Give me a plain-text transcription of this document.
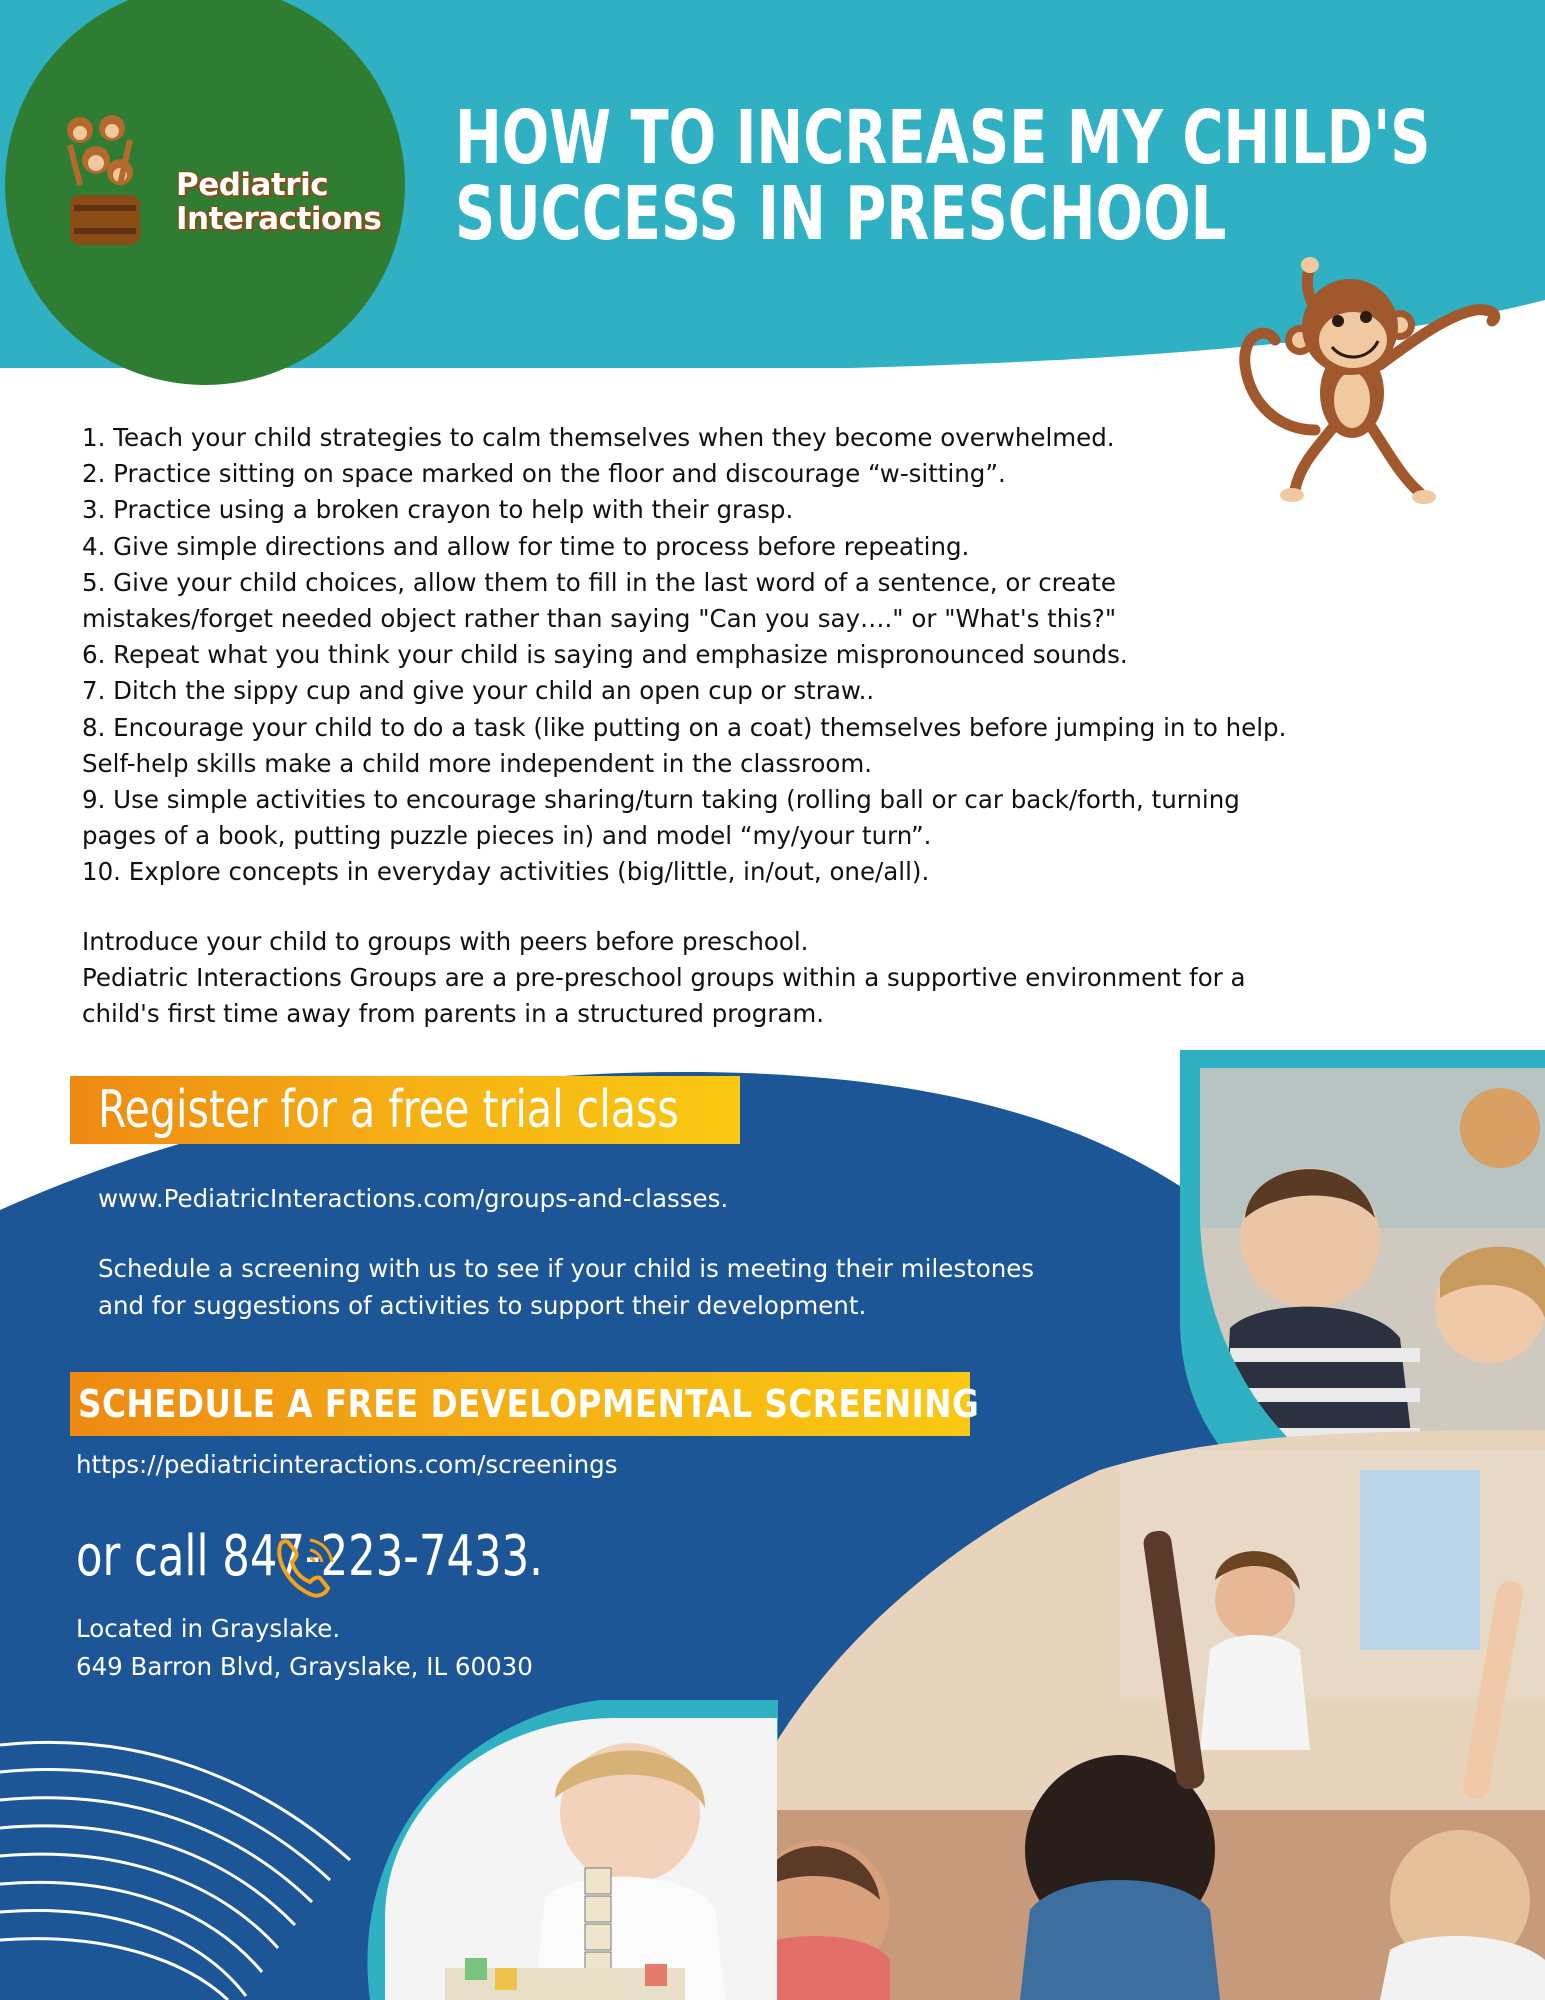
Pediatric
Interactions
HOW TO INCREASE MY CHILD'S
SUCCESS IN PRESCHOOL
1. Teach your child strategies to calm themselves when they become overwhelmed.
2. Practice sitting on space marked on the floor and discourage “w-sitting”.
3. Practice using a broken crayon to help with their grasp.
4. Give simple directions and allow for time to process before repeating.
5. Give your child choices, allow them to fill in the last word of a sentence, or create
mistakes/forget needed object rather than saying "Can you say…." or "What's this?"
6. Repeat what you think your child is saying and emphasize mispronounced sounds.
7. Ditch the sippy cup and give your child an open cup or straw..
8. Encourage your child to do a task (like putting on a coat) themselves before jumping in to help.
Self-help skills make a child more independent in the classroom.
9. Use simple activities to encourage sharing/turn taking (rolling ball or car back/forth, turning
pages of a book, putting puzzle pieces in) and model “my/your turn”.
10. Explore concepts in everyday activities (big/little, in/out, one/all).

Introduce your child to groups with peers before preschool.

Pediatric Interactions Groups are a pre-preschool groups within a supportive environment for a

child's first time away from parents in a structured program.

Register for a free trial class
www.PediatricInteractions.com/groups-and-classes.
Schedule a screening with us to see if your child is meeting their milestones
and for suggestions of activities to support their development.
SCHEDULE A FREE DEVELOPMENTAL SCREENING
https://pediatricinteractions.com/screenings
or call 847-223-7433.
Located in Grayslake.
649 Barron Blvd, Grayslake, IL 60030
